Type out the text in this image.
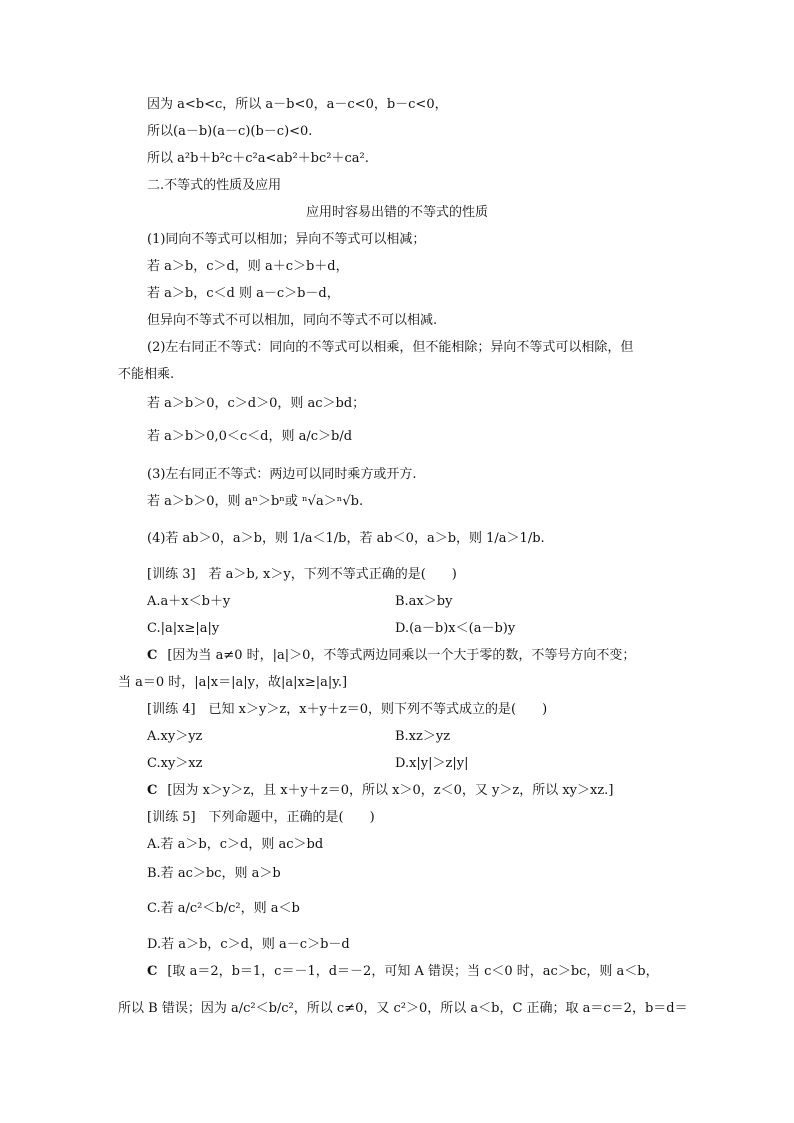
因为 a<b<c，所以 a－b<0，a－c<0，b－c<0，
所以(a－b)(a－c)(b－c)<0.
所以 a²b＋b²c＋c²a<ab²＋bc²＋ca².
二.不等式的性质及应用
应用时容易出错的不等式的性质
(1)同向不等式可以相加；异向不等式可以相减；
若 a＞b，c＞d，则 a＋c＞b＋d，
若 a＞b，c＜d 则 a－c＞b－d，
但异向不等式不可以相加，同向不等式不可以相减.
(2)左右同正不等式：同向的不等式可以相乘，但不能相除；异向不等式可以相除，但
不能相乘.
若 a＞b＞0，c＞d＞0，则 ac＞bd；
若 a＞b＞0,0＜c＜d，则 a/c＞b/d
(3)左右同正不等式：两边可以同时乘方或开方.
若 a＞b＞0，则 aⁿ＞bⁿ或 ⁿ√a＞ⁿ√b.
(4)若 ab＞0，a＞b，则 1/a＜1/b，若 ab＜0，a＞b，则 1/a＞1/b.
[训练 3]　若 a＞b, x＞y，下列不等式正确的是(　　)
A.a＋x＜b＋y	B.ax＞by
C.|a|x≥|a|y	D.(a－b)x＜(a－b)y
C [因为当 a≠0 时，|a|＞0，不等式两边同乘以一个大于零的数，不等号方向不变；
当 a＝0 时，|a|x＝|a|y，故|a|x≥|a|y.]
[训练 4]　已知 x＞y＞z，x＋y＋z＝0，则下列不等式成立的是(　　)
A.xy＞yz	B.xz＞yz
C.xy＞xz	D.x|y|＞z|y|
C [因为 x＞y＞z，且 x＋y＋z＝0，所以 x＞0，z＜0，又 y＞z，所以 xy＞xz.]
[训练 5]　下列命题中，正确的是(　　)
A.若 a＞b，c＞d，则 ac＞bd
B.若 ac＞bc，则 a＞b
C.若 a/c²＜b/c²，则 a＜b
D.若 a＞b，c＞d，则 a－c＞b－d
C [取 a＝2，b＝1，c＝－1，d＝－2，可知 A 错误；当 c＜0 时，ac＞bc，则 a＜b，
所以 B 错误；因为 a/c²＜b/c²，所以 c≠0，又 c²＞0，所以 a＜b，C 正确；取 a＝c＝2，b＝d＝
